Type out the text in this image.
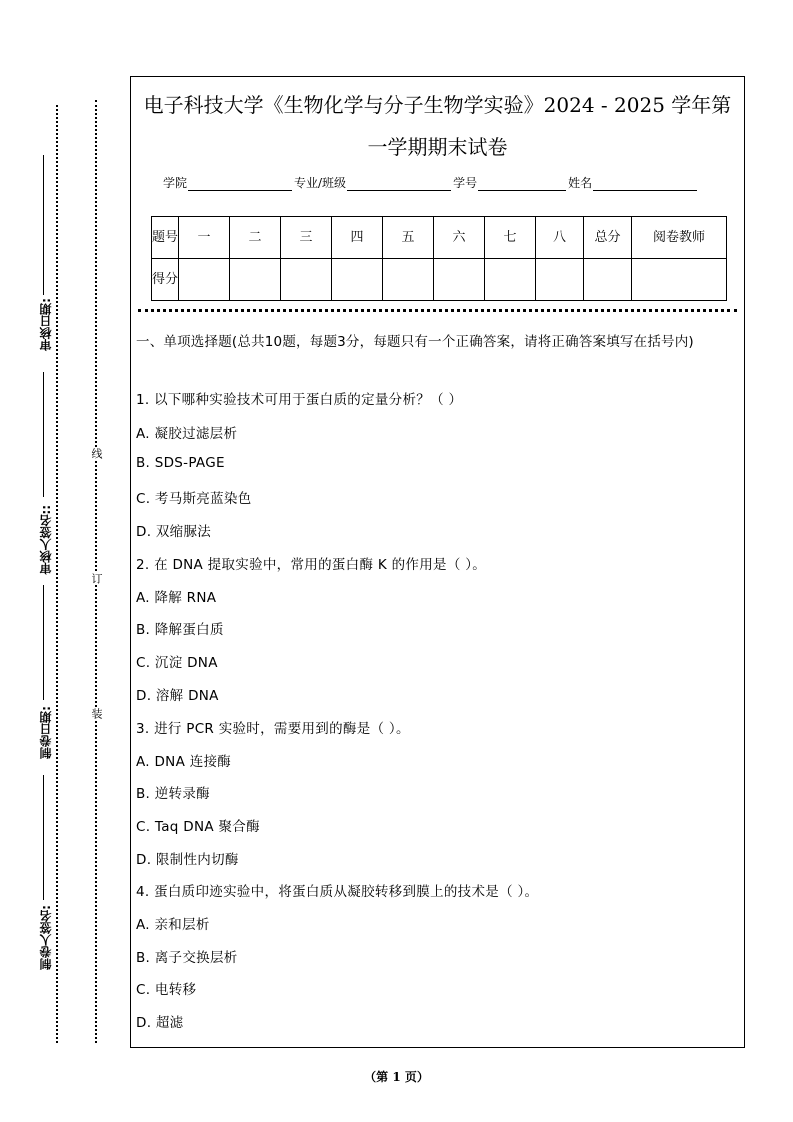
审核日期:
审核人签名::
制卷日期:
制卷人签名:
线
订
装
电子科技大学《生物化学与分子生物学实验》2024 - 2025 学年第
一学期期末试卷
学院	专业/班级	学号	姓名
题号	一	二	三	四	五	六	七	八	总分	阅卷教师
得分										
一、单项选择题(总共10题，每题3分，每题只有一个正确答案，请将正确答案填写在括号内)
1. 以下哪种实验技术可用于蛋白质的定量分析？（ ）
A. 凝胶过滤层析
B. SDS-PAGE
C. 考马斯亮蓝染色
D. 双缩脲法
2. 在 DNA 提取实验中，常用的蛋白酶 K 的作用是（ ）。
A. 降解 RNA
B. 降解蛋白质
C. 沉淀 DNA
D. 溶解 DNA
3. 进行 PCR 实验时，需要用到的酶是（ ）。
A. DNA 连接酶
B. 逆转录酶
C. Taq DNA 聚合酶
D. 限制性内切酶
4. 蛋白质印迹实验中，将蛋白质从凝胶转移到膜上的技术是（ ）。
A. 亲和层析
B. 离子交换层析
C. 电转移
D. 超滤
（第 1 页）
